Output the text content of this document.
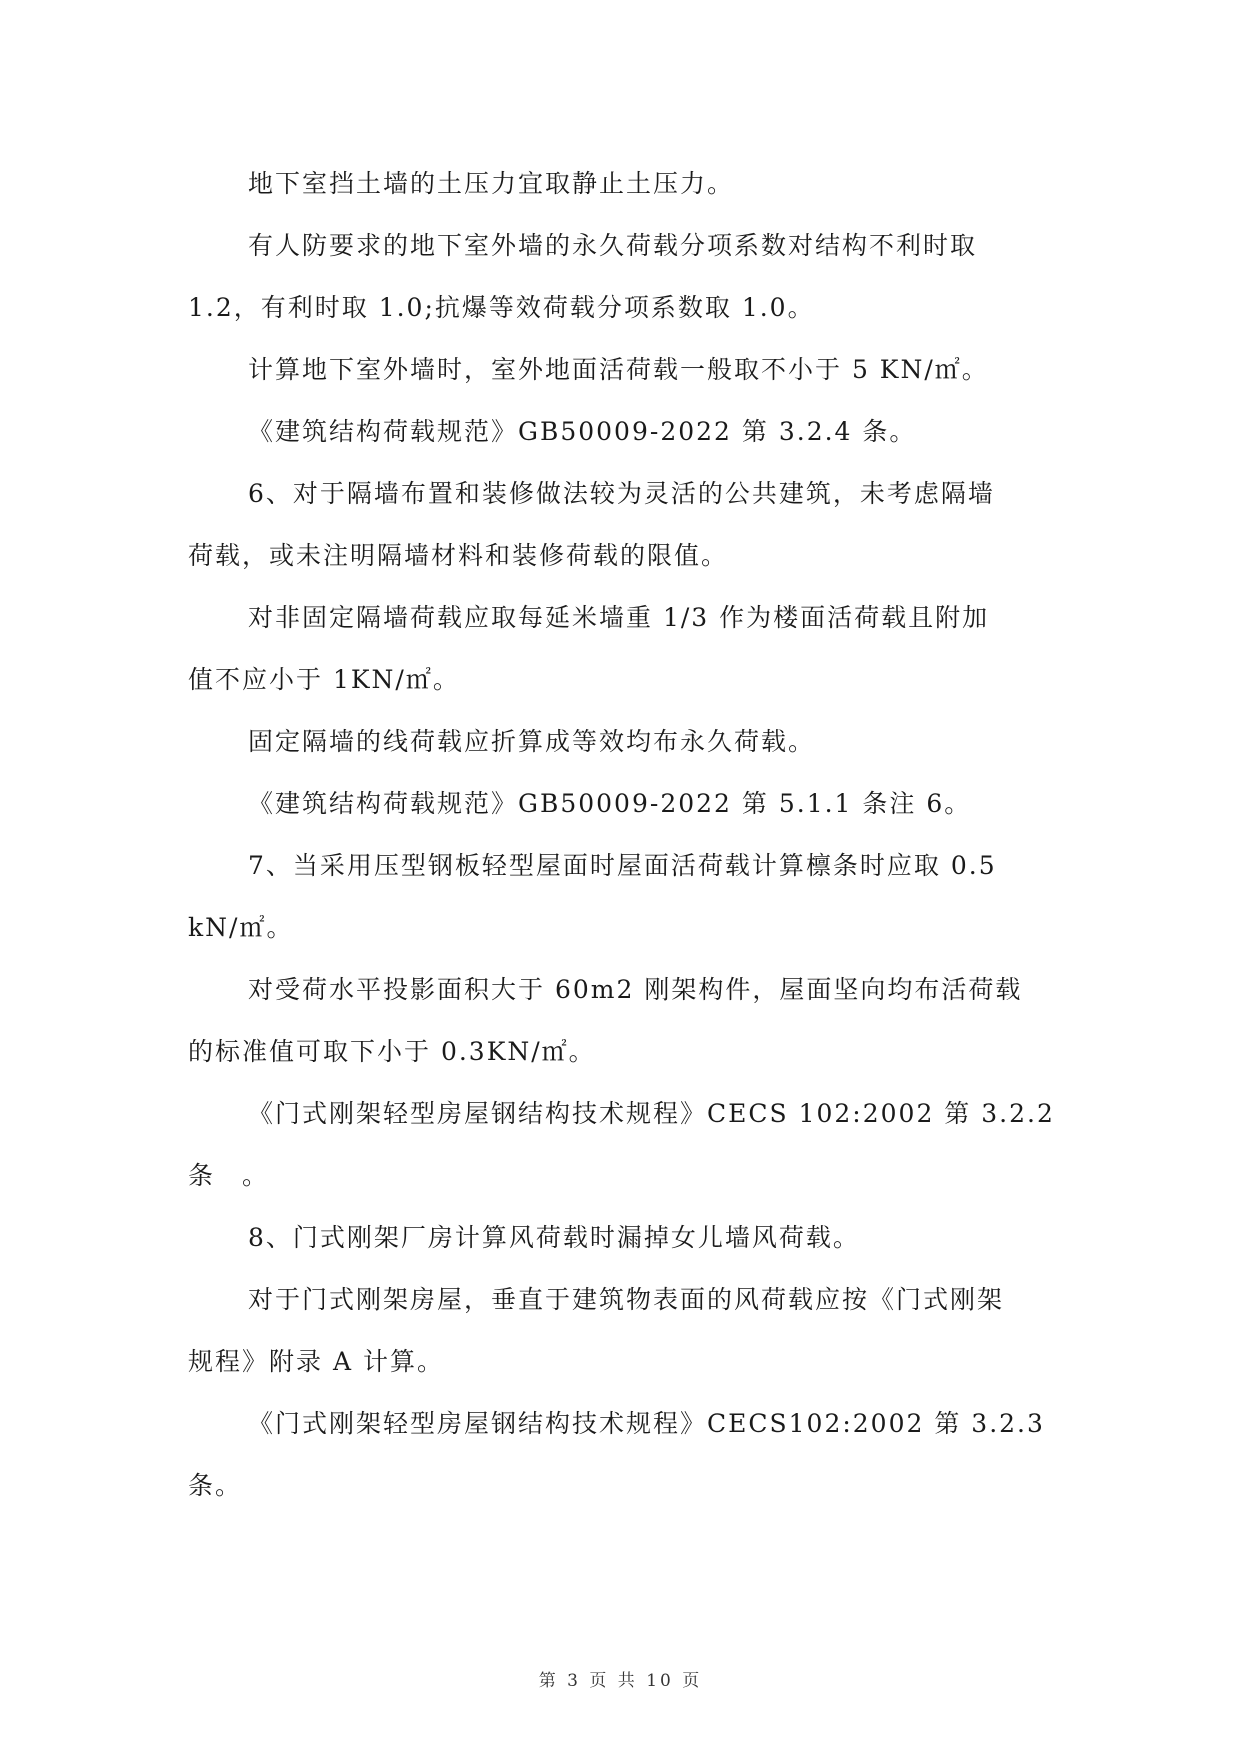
地下室挡土墙的土压力宜取静止土压力。
有人防要求的地下室外墙的永久荷载分项系数对结构不利时取
1.2，有利时取 1.0;抗爆等效荷载分项系数取 1.0。
计算地下室外墙时，室外地面活荷载一般取不小于 5 KN/㎡。
《建筑结构荷载规范》GB50009-2022 第 3.2.4 条。
6、对于隔墙布置和装修做法较为灵活的公共建筑，未考虑隔墙
荷载，或未注明隔墙材料和装修荷载的限值。
对非固定隔墙荷载应取每延米墙重 1/3 作为楼面活荷载且附加
值不应小于 1KN/㎡。
固定隔墙的线荷载应折算成等效均布永久荷载。
《建筑结构荷载规范》GB50009-2022 第 5.1.1 条注 6。
7、当采用压型钢板轻型屋面时屋面活荷载计算檩条时应取 0.5
kN/㎡。
对受荷水平投影面积大于 60m2 刚架构件，屋面坚向均布活荷载
的标准值可取下小于 0.3KN/㎡。
《门式刚架轻型房屋钢结构技术规程》CECS 102:2002 第 3.2.2
条　。
8、门式刚架厂房计算风荷载时漏掉女儿墙风荷载。
对于门式刚架房屋，垂直于建筑物表面的风荷载应按《门式刚架
规程》附录 A 计算。
《门式刚架轻型房屋钢结构技术规程》CECS102:2002 第 3.2.3
条。
第 3 页 共 10 页
